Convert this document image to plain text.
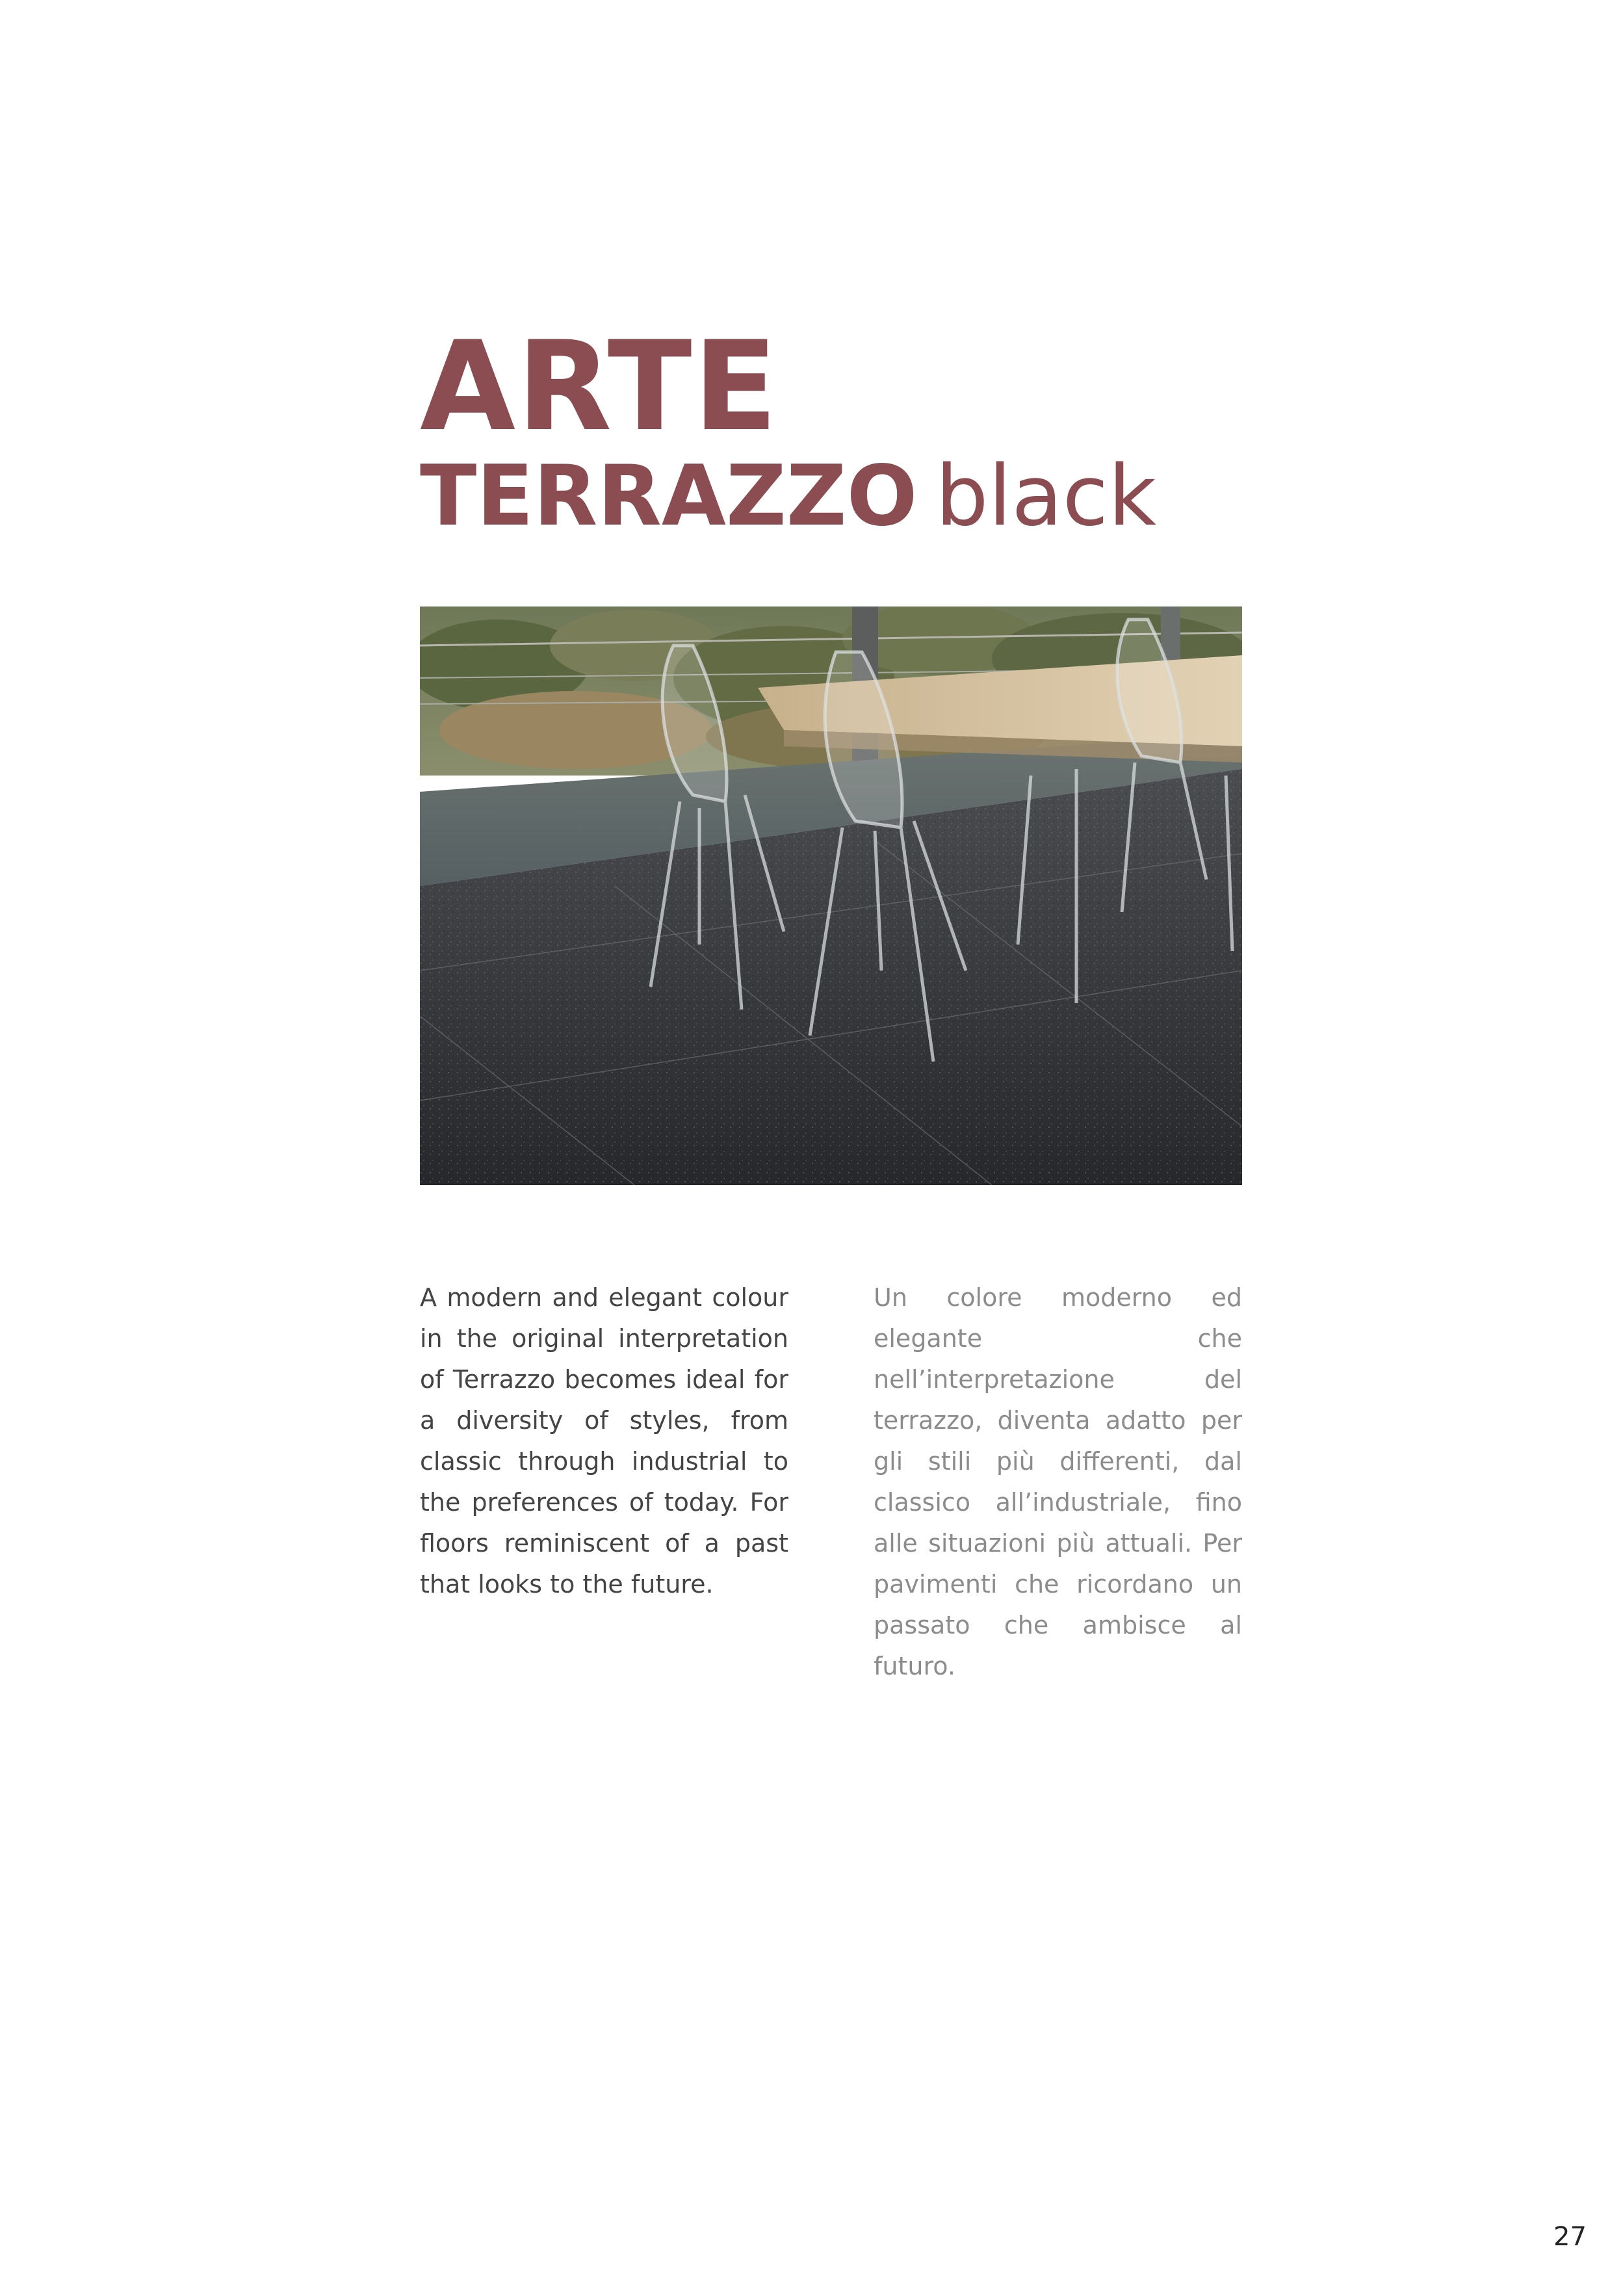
ARTE
TERRAZZO black

A modern and elegant colour in the original interpretation of Terrazzo becomes ideal for a diversity of styles, from classic through industrial to the preferences of today. For floors reminiscent of a past that looks to the future.

Un colore moderno ed elegante che nell’interpretazione del terrazzo, diventa adatto per gli stili più differenti, dal classico all’industriale, fino alle situazioni più attuali. Per pavimenti che ricordano un passato che ambisce al futuro.

27
